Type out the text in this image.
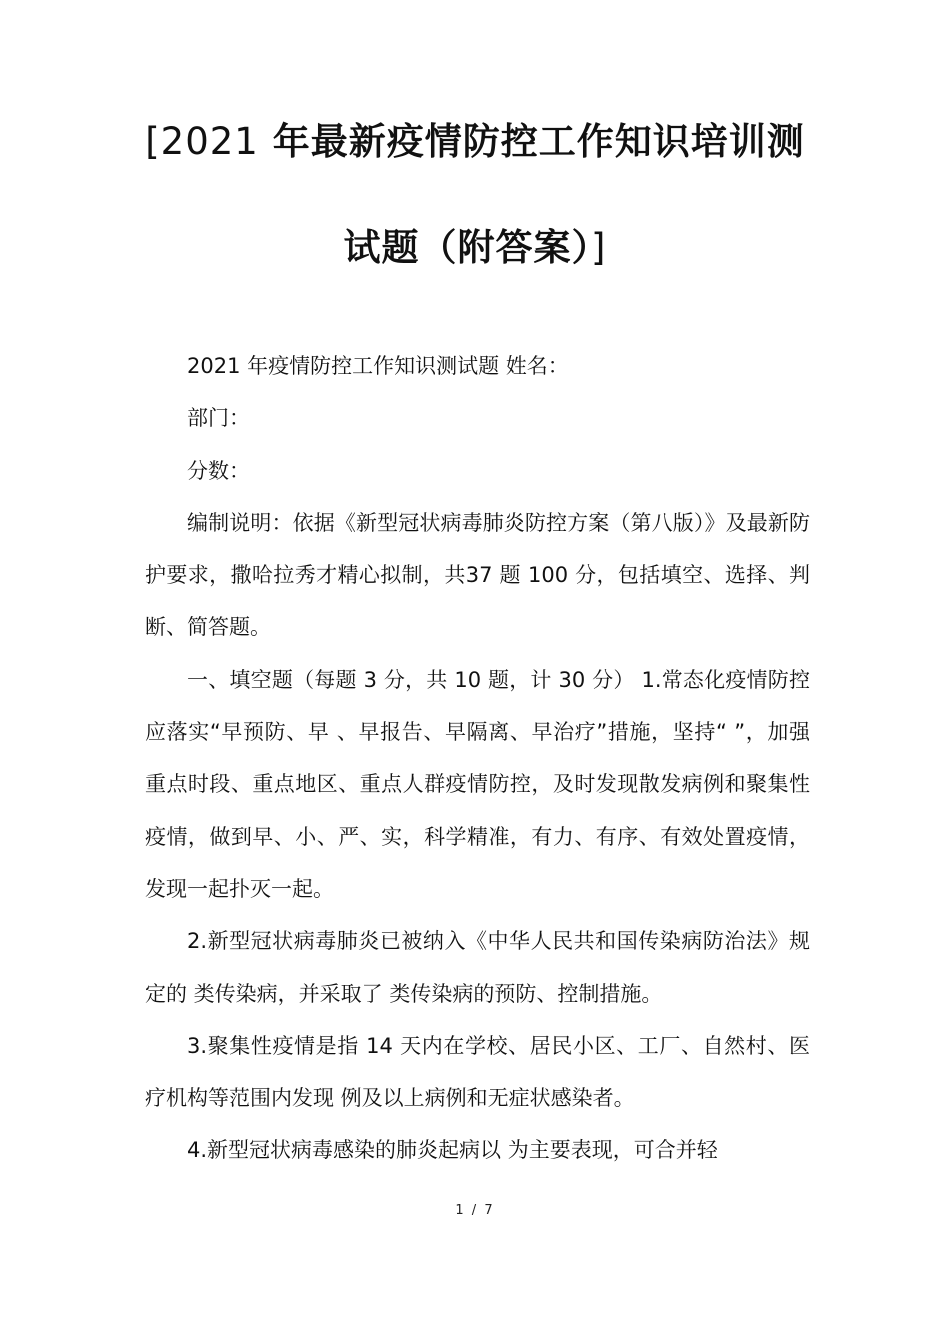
[2021 年最新疫情防控工作知识培训测
试题（附答案）]

2021 年疫情防控工作知识测试题 姓名：

部门：

分数：

编制说明：依据《新型冠状病毒肺炎防控方案（第八版）》及最新防护要求，撒哈拉秀才精心拟制，共37 题 100 分，包括填空、选择、判断、简答题。

一、填空题（每题 3 分，共 10 题，计 30 分） 1.常态化疫情防控应落实“早预防、早 、早报告、早隔离、早治疗”措施，坚持“ ”，加强重点时段、重点地区、重点人群疫情防控，及时发现散发病例和聚集性疫情，做到早、小、严、实，科学精准，有力、有序、有效处置疫情，发现一起扑灭一起。

2.新型冠状病毒肺炎已被纳入《中华人民共和国传染病防治法》规定的 类传染病，并采取了 类传染病的预防、控制措施。

3.聚集性疫情是指 14 天内在学校、居民小区、工厂、自然村、医疗机构等范围内发现 例及以上病例和无症状感染者。

4.新型冠状病毒感染的肺炎起病以 为主要表现，可合并轻

1 / 7
